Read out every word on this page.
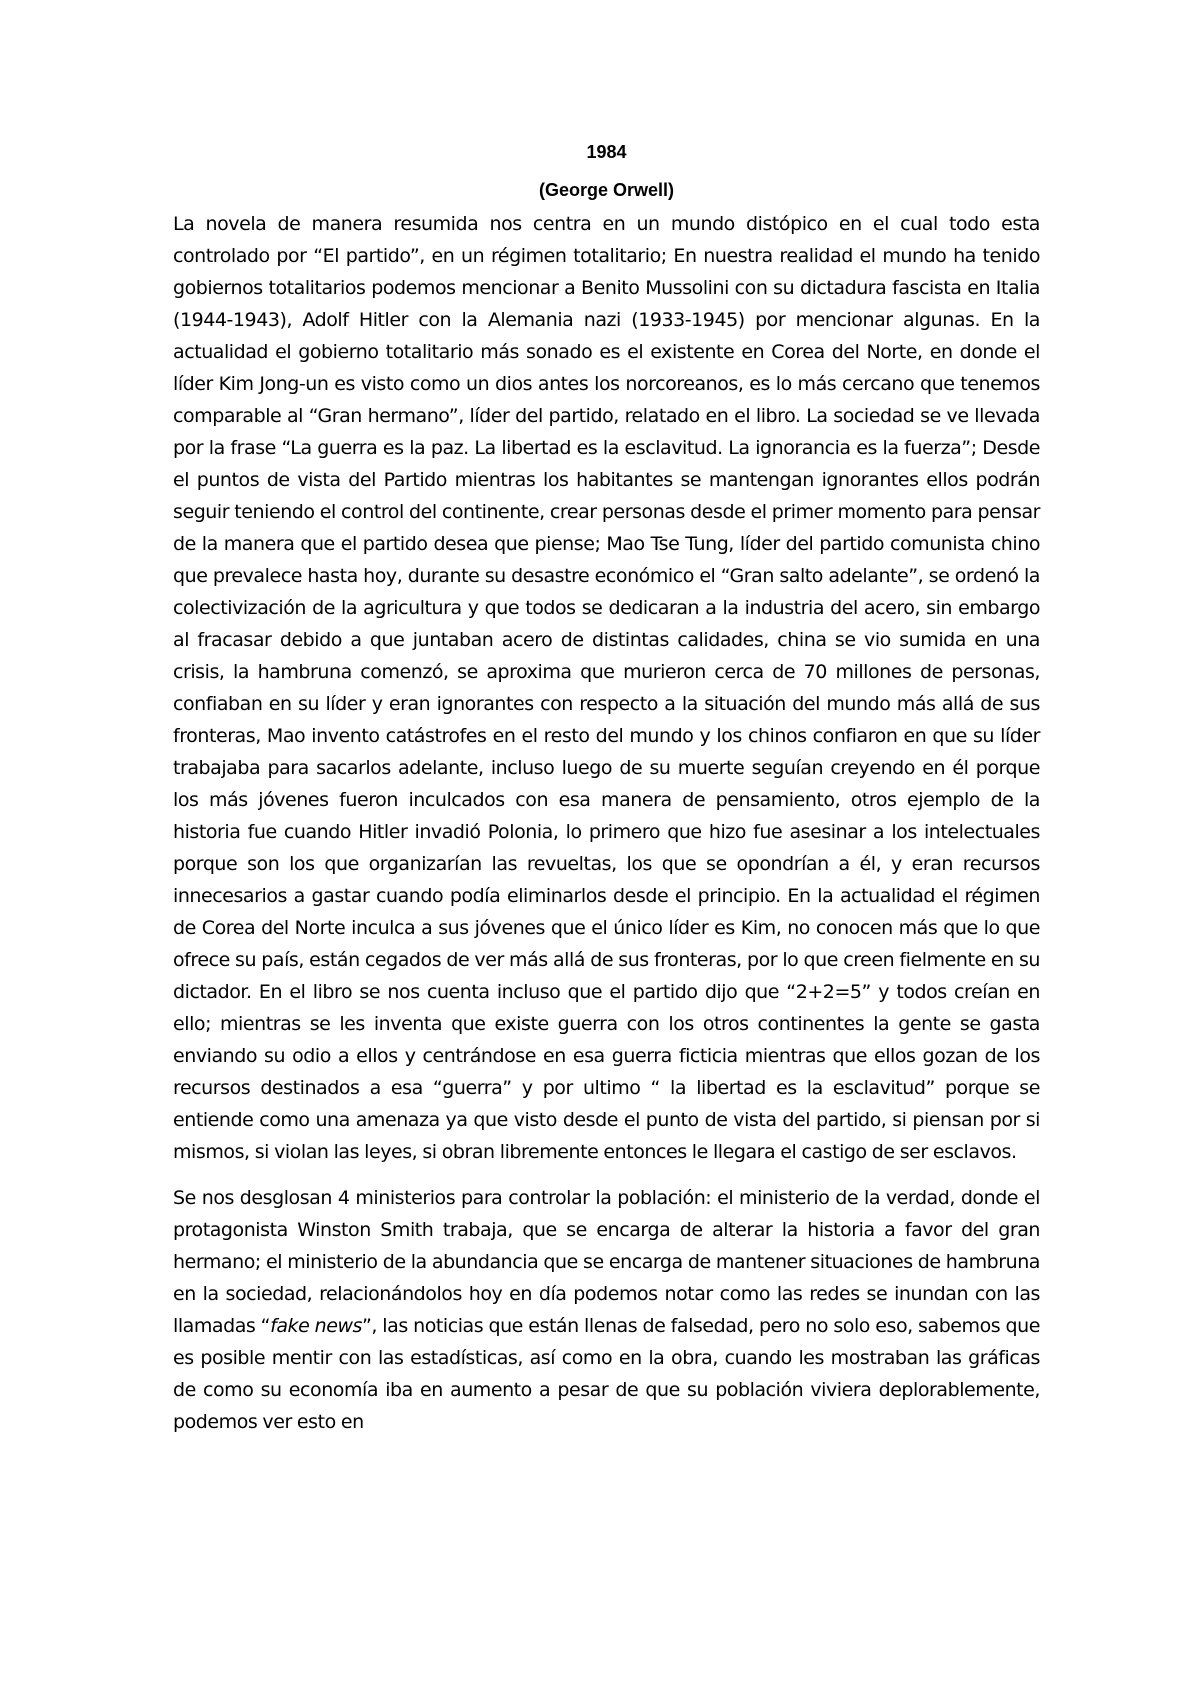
1984
(George Orwell)

La novela de manera resumida nos centra en un mundo distópico en el cual todo esta controlado por “El partido”, en un régimen totalitario; En nuestra realidad el mundo ha tenido gobiernos totalitarios podemos mencionar a Benito Mussolini con su dictadura fascista en Italia (1944-1943), Adolf Hitler con la Alemania nazi (1933-1945) por mencionar algunas. En la actualidad el gobierno totalitario más sonado es el existente en Corea del Norte, en donde el líder Kim Jong-un es visto como un dios antes los norcoreanos, es lo más cercano que tenemos comparable al “Gran hermano”, líder del partido, relatado en el libro. La sociedad se ve llevada por la frase “La guerra es la paz. La libertad es la esclavitud. La ignorancia es la fuerza”; Desde el puntos de vista del Partido mientras los habitantes se mantengan ignorantes ellos podrán seguir teniendo el control del continente, crear personas desde el primer momento para pensar de la manera que el partido desea que piense; Mao Tse Tung, líder del partido comunista chino que prevalece hasta hoy, durante su desastre económico el “Gran salto adelante”, se ordenó la colectivización de la agricultura y que todos se dedicaran a la industria del acero, sin embargo al fracasar debido a que juntaban acero de distintas calidades, china se vio sumida en una crisis, la hambruna comenzó, se aproxima que murieron cerca de 70 millones de personas, confiaban en su líder y eran ignorantes con respecto a la situación del mundo más allá de sus fronteras, Mao invento catástrofes en el resto del mundo y los chinos confiaron en que su líder trabajaba para sacarlos adelante, incluso luego de su muerte seguían creyendo en él porque los más jóvenes fueron inculcados con esa manera de pensamiento, otros ejemplo de la historia fue cuando Hitler invadió Polonia, lo primero que hizo fue asesinar a los intelectuales porque son los que organizarían las revueltas, los que se opondrían a él, y eran recursos innecesarios a gastar cuando podía eliminarlos desde el principio. En la actualidad el régimen de Corea del Norte inculca a sus jóvenes que el único líder es Kim, no conocen más que lo que ofrece su país, están cegados de ver más allá de sus fronteras, por lo que creen fielmente en su dictador. En el libro se nos cuenta incluso que el partido dijo que “2+2=5” y todos creían en ello; mientras se les inventa que existe guerra con los otros continentes la gente se gasta enviando su odio a ellos y centrándose en esa guerra ficticia mientras que ellos gozan de los recursos destinados a esa “guerra” y por ultimo “ la libertad es la esclavitud” porque se entiende como una amenaza ya que visto desde el punto de vista del partido, si piensan por si mismos, si violan las leyes, si obran libremente entonces le llegara el castigo de ser esclavos.

Se nos desglosan 4 ministerios para controlar la población: el ministerio de la verdad, donde el protagonista Winston Smith trabaja, que se encarga de alterar la historia a favor del gran hermano; el ministerio de la abundancia que se encarga de mantener situaciones de hambruna en la sociedad, relacionándolos hoy en día podemos notar como las redes se inundan con las llamadas “fake news”, las noticias que están llenas de falsedad, pero no solo eso, sabemos que es posible mentir con las estadísticas, así como en la obra, cuando les mostraban las gráficas de como su economía iba en aumento a pesar de que su población viviera deplorablemente, podemos ver esto en
